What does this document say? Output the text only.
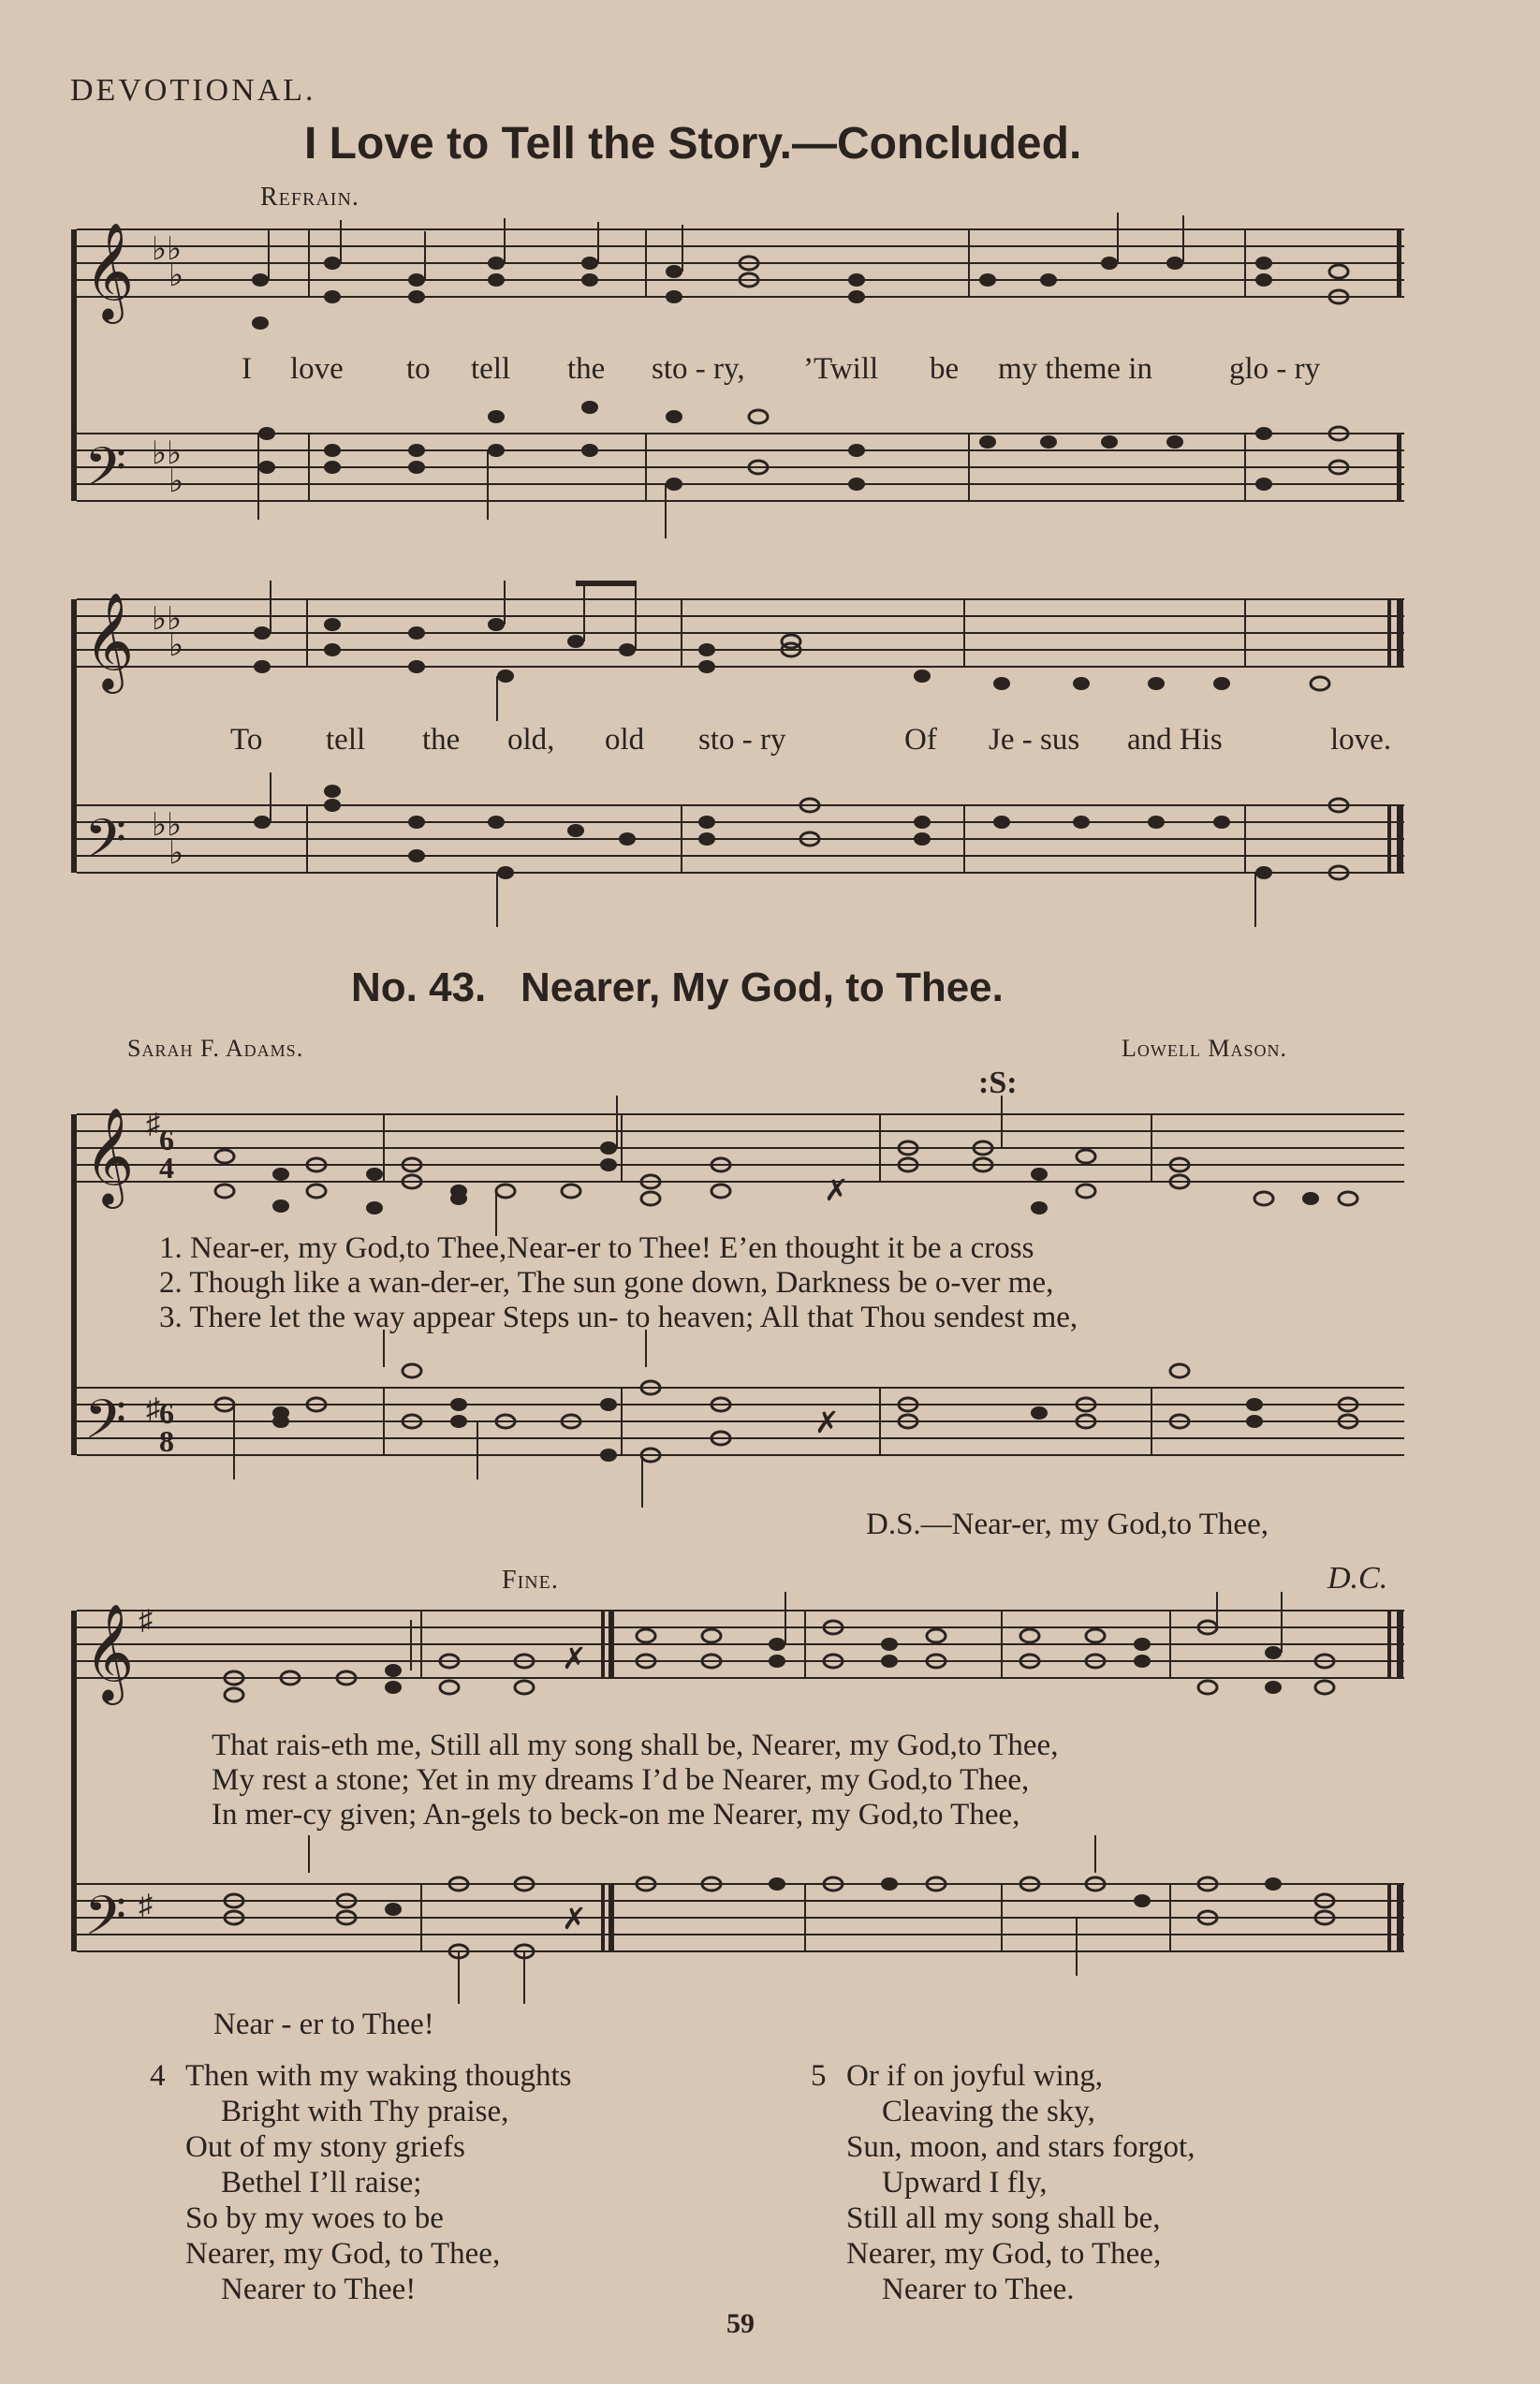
DEVOTIONAL.
I Love to Tell the Story.—Concluded.
Refrain.
𝄞
𝄢
♭♭
♭
♭♭
♭
I love to tell the sto - ry, ’Twill be my theme in glo - ry
𝄞
𝄢
♭♭
♭
♭♭
♭
To tell the old, old sto - ry	Of Je - sus and His	love.
No. 43. Nearer, My God, to Thee.
Sarah F. Adams.	Lowell Mason.
:S:
𝄞
𝄢
♯
♯
6
4
6
8
✗
✗
1. Near-er, my God,to Thee,Near-er to Thee! E’en thought it be a cross
2. Though like a wan-der-er, The sun gone down, Darkness be o-ver me,
3. There let the way appear Steps un- to heaven; All that Thou sendest me,
D.S.—Near-er, my God,to Thee,
Fine.	D.C.
𝄞
𝄢
♯
♯
✗
✗
That rais-eth me, Still all my song shall be, Nearer, my God,to Thee,
My rest a stone; Yet in my dreams I’d be Nearer, my God,to Thee,
In mer-cy given; An-gels to beck-on me Nearer, my God,to Thee,
Near - er to Thee!
4 Then with my waking thoughts
Bright with Thy praise,
Out of my stony griefs
Bethel I’ll raise;
So by my woes to be
Nearer, my God, to Thee,
Nearer to Thee!
5 Or if on joyful wing,
Cleaving the sky,
Sun, moon, and stars forgot,
Upward I fly,
Still all my song shall be,
Nearer, my God, to Thee,
Nearer to Thee.
59
